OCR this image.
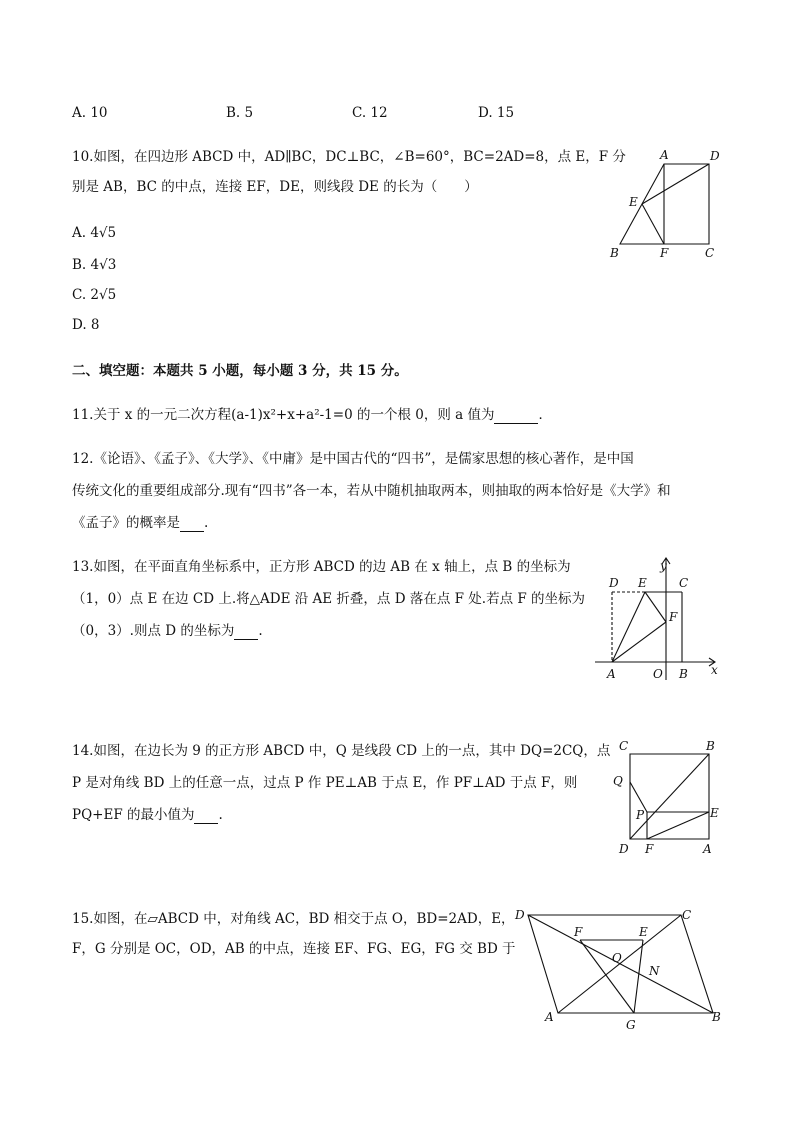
A. 10	B. 5	C. 12	D. 15
10.如图，在四边形 ABCD 中，AD∥BC，DC⊥BC，∠B=60°，BC=2AD=8，点 E，F 分
别是 AB，BC 的中点，连接 EF，DE，则线段 DE 的长为（　　）
A. 4√5
B. 4√3
C. 2√5
D. 8
A	D
E
B	F	C
二、填空题：本题共 5 小题，每小题 3 分，共 15 分。
11.关于 x 的一元二次方程(a-1)x²+x+a²-1=0 的一个根 0，则 a 值为	．
12.《论语》、《孟子》、《大学》、《中庸》是中国古代的“四书”，是儒家思想的核心著作，是中国
传统文化的重要组成部分.现有“四书”各一本，若从中随机抽取两本，则抽取的两本恰好是《大学》和
《孟子》的概率是 .
13.如图，在平面直角坐标系中，正方形 ABCD 的边 AB 在 x 轴上，点 B 的坐标为
（1，0）点 E 在边 CD 上.将△ADE 沿 AE 折叠，点 D 落在点 F 处.若点 F 的坐标为
（0，3）.则点 D 的坐标为 .
y
D E	C
F
A	O B x
14.如图，在边长为 9 的正方形 ABCD 中，Q 是线段 CD 上的一点，其中 DQ=2CQ，点
P 是对角线 BD 上的任意一点，过点 P 作 PE⊥AB 于点 E，作 PF⊥AD 于点 F，则
PQ+EF 的最小值为 .
C	B
Q
P	E
D F	A
15.如图，在▱ABCD 中，对角线 AC，BD 相交于点 O，BD=2AD，E，
F，G 分别是 OC，OD，AB 的中点，连接 EF、FG、EG，FG 交 BD 于
D	C
F	E
O
N
A
G
B
